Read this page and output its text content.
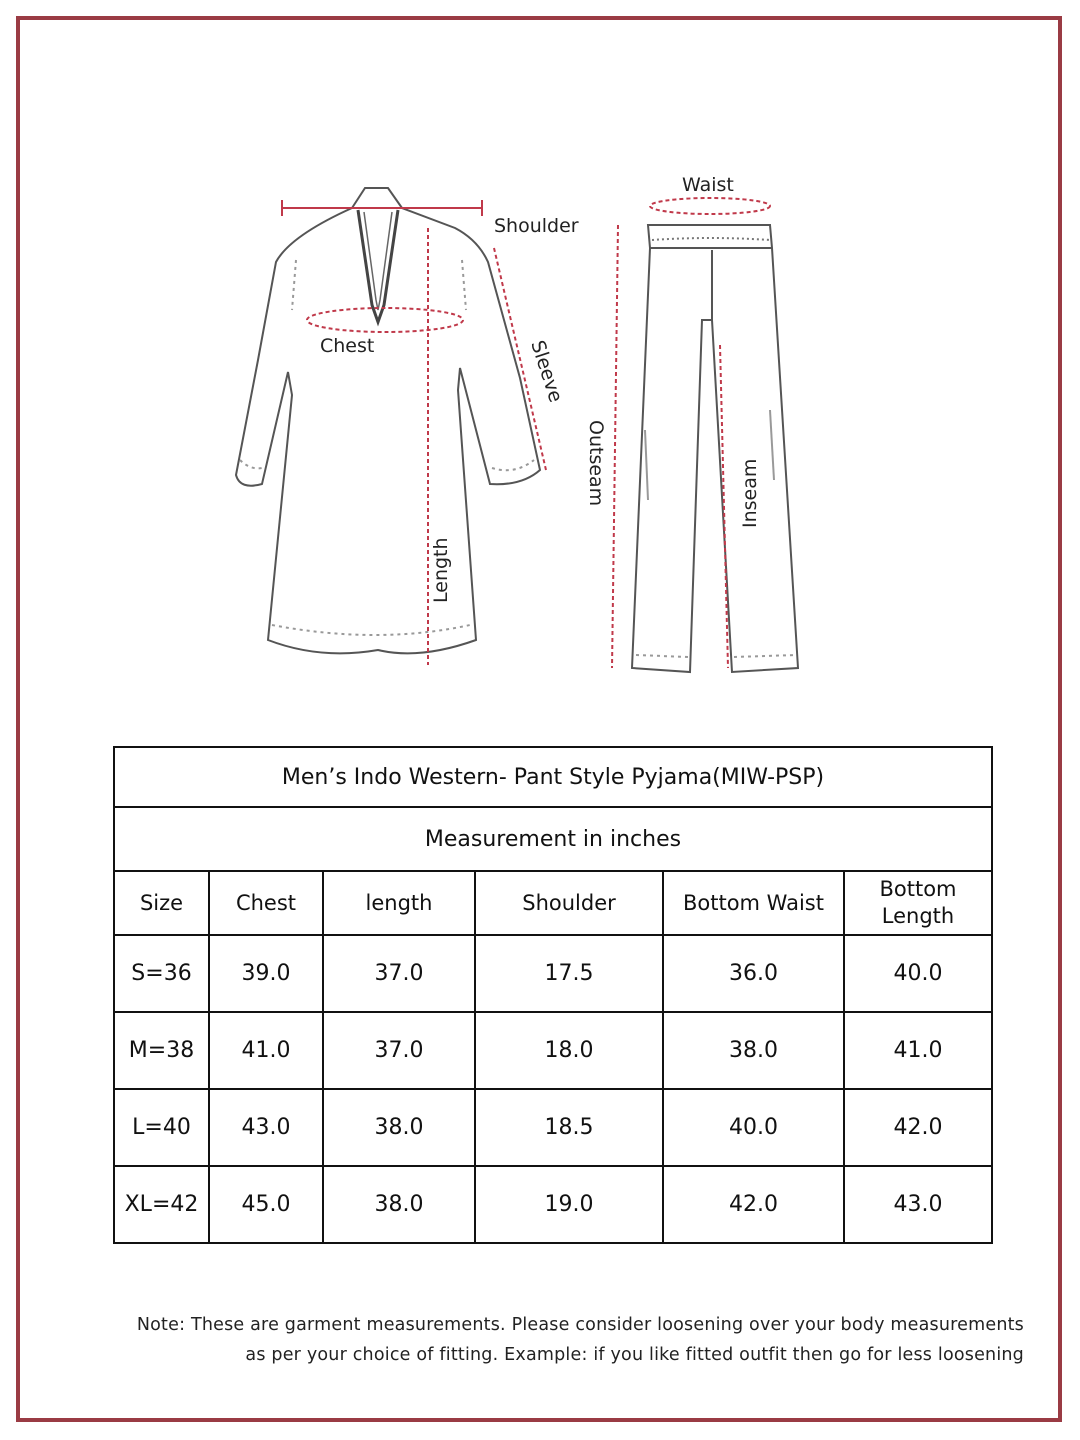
Shoulder
Chest	Sleeve
Length
Waist
Outseam	Inseam
Men’s Indo Western- Pant Style Pyjama(MIW-PSP)					
Measurement in inches					
Size	Chest	length	Shoulder	Bottom Waist	Bottom Length
S=36	39.0	37.0	17.5	36.0	40.0
M=38	41.0	37.0	18.0	38.0	41.0
L=40	43.0	38.0	18.5	40.0	42.0
XL=42	45.0	38.0	19.0	42.0	43.0
Note: These are garment measurements. Please consider loosening over your body measurements
as per your choice of fitting. Example: if you like fitted outfit then go for less loosening
